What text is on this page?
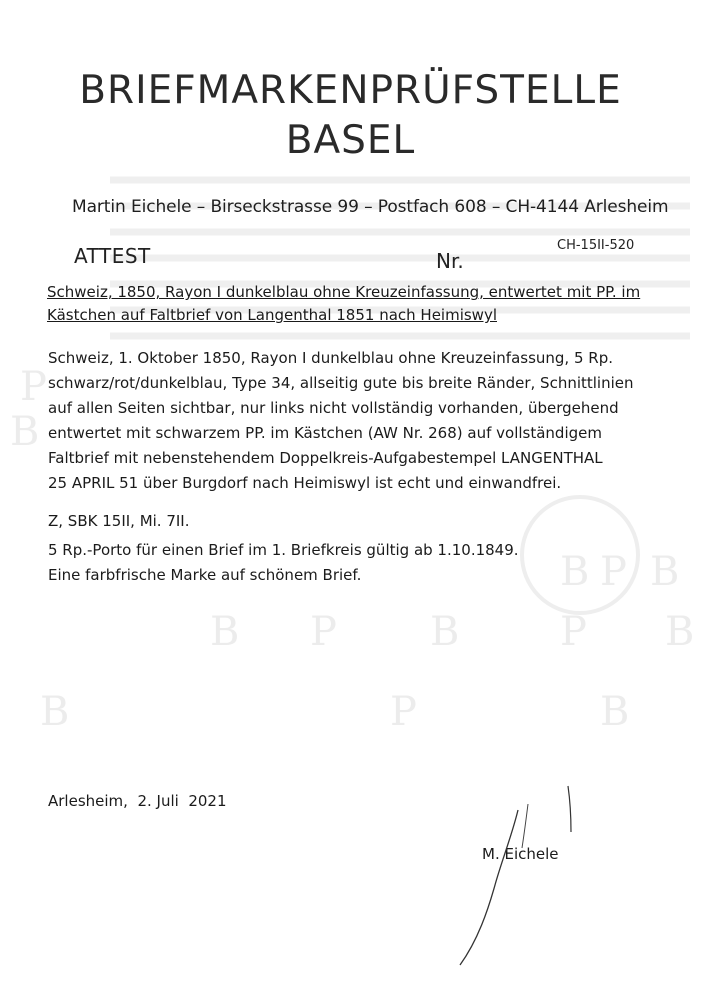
P
B
B P B
B P B	P B
B	P	B
BRIEFMARKENPRÜFSTELLE
BASEL
Martin Eichele – Birseckstrasse 99 – Postfach 608 – CH-4144 Arlesheim
ATTEST	Nr.
CH-15II-520
Schweiz, 1850, Rayon I dunkelblau ohne Kreuzeinfassung, entwertet mit PP. im Kästchen auf Faltbrief von Langenthal 1851 nach Heimiswyl
Schweiz, 1. Oktober 1850, Rayon I dunkelblau ohne Kreuzeinfassung, 5 Rp.
schwarz/rot/dunkelblau, Type 34, allseitig gute bis breite Ränder, Schnittlinien
auf allen Seiten sichtbar, nur links nicht vollständig vorhanden, übergehend
entwertet mit schwarzem PP. im Kästchen (AW Nr. 268) auf vollständigem
Faltbrief mit nebenstehendem Doppelkreis-Aufgabestempel LANGENTHAL
25 APRIL 51 über Burgdorf nach Heimiswyl ist echt und einwandfrei.
Z, SBK 15II, Mi. 7II.
5 Rp.-Porto für einen Brief im 1. Briefkreis gültig ab 1.10.1849.
Eine farbfrische Marke auf schönem Brief.
Arlesheim,  2. Juli  2021
M. Eichele
